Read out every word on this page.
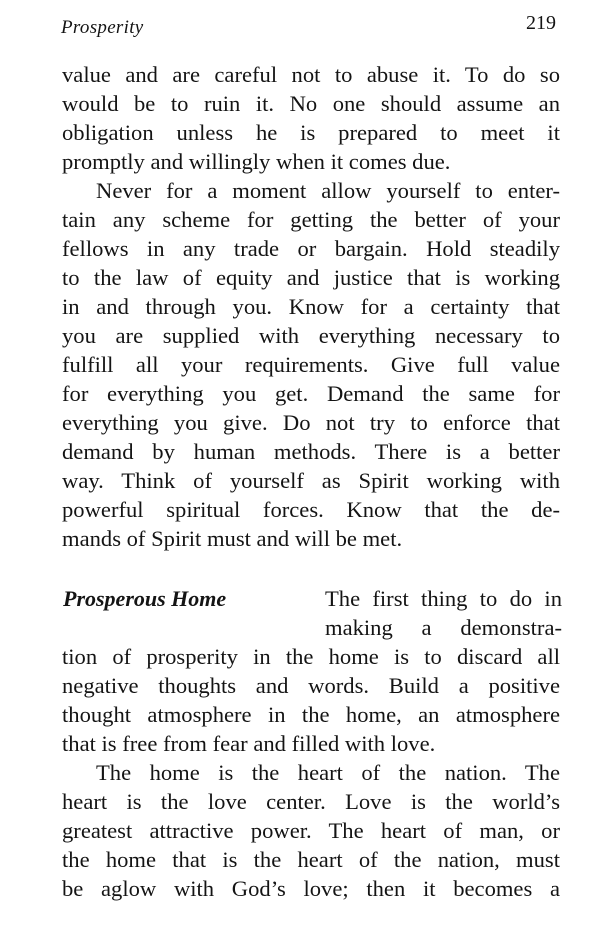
Prosperity	219
value and are careful not to abuse it. To do so
would be to ruin it. No one should assume an
obligation unless he is prepared to meet it
promptly and willingly when it comes due.
Never for a moment allow yourself to enter-
tain any scheme for getting the better of your
fellows in any trade or bargain. Hold steadily
to the law of equity and justice that is working
in and through you. Know for a certainty that
you are supplied with everything necessary to
fulfill all your requirements. Give full value
for everything you get. Demand the same for
everything you give. Do not try to enforce that
demand by human methods. There is a better
way. Think of yourself as Spirit working with
powerful spiritual forces. Know that the de-
mands of Spirit must and will be met.
Prosperous Home	The first thing to do in
making a demonstra-
tion of prosperity in the home is to discard all
negative thoughts and words. Build a positive
thought atmosphere in the home, an atmosphere
that is free from fear and filled with love.
The home is the heart of the nation. The
heart is the love center. Love is the world’s
greatest attractive power. The heart of man, or
the home that is the heart of the nation, must
be aglow with God’s love; then it becomes a
